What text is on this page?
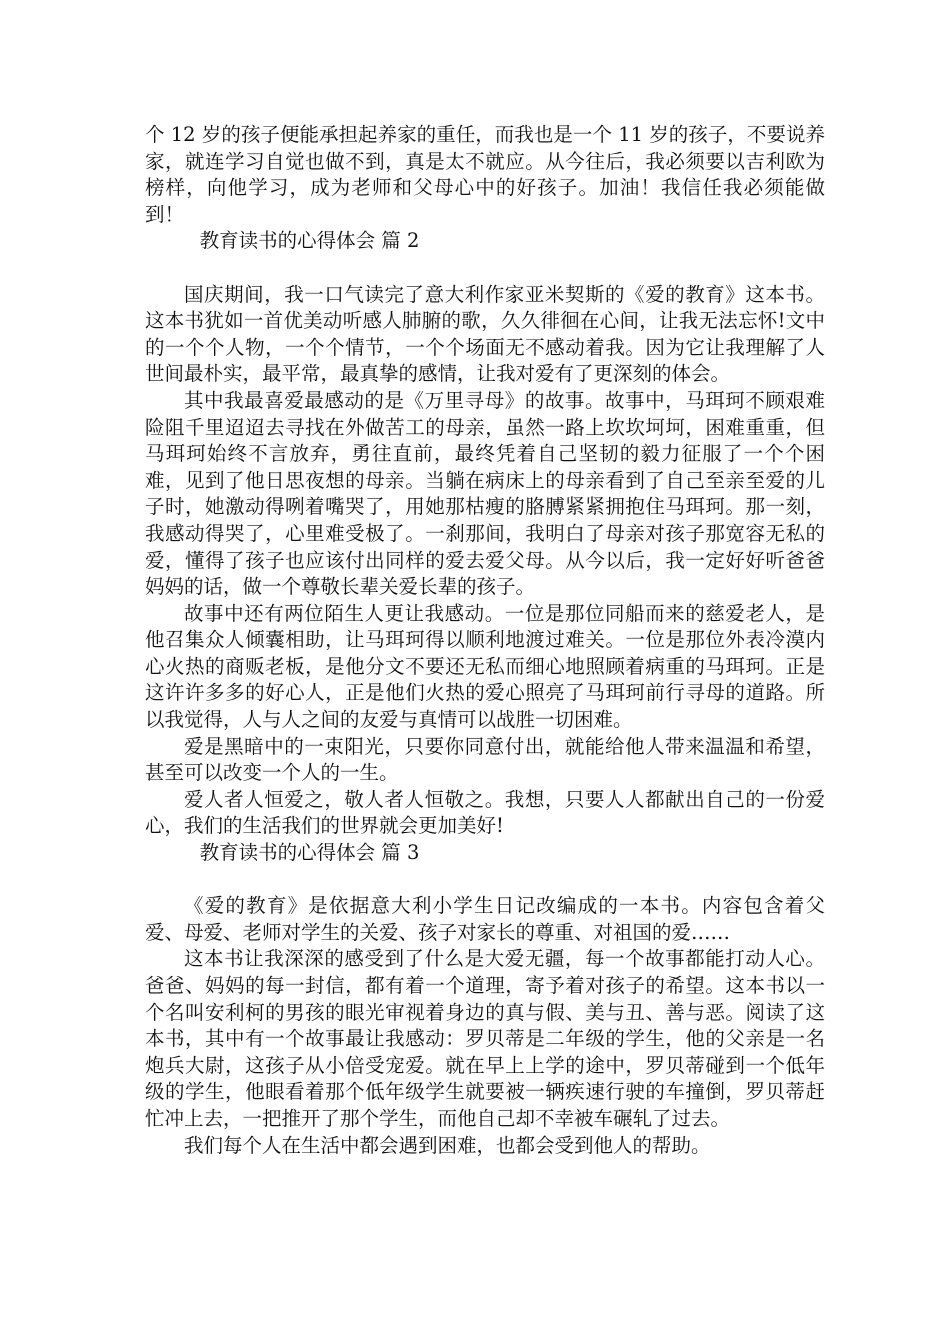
个 12 岁的孩子便能承担起养家的重任，而我也是一个 11 岁的孩子，不要说养家，就连学习自觉也做不到，真是太不就应。从今往后，我必须要以吉利欧为榜样，向他学习，成为老师和父母心中的好孩子。加油！我信任我必须能做到！

教育读书的心得体会 篇 2

国庆期间，我一口气读完了意大利作家亚米契斯的《爱的教育》这本书。这本书犹如一首优美动听感人肺腑的歌，久久徘徊在心间，让我无法忘怀!文中的一个个人物，一个个情节，一个个场面无不感动着我。因为它让我理解了人世间最朴实，最平常，最真挚的感情，让我对爱有了更深刻的体会。

其中我最喜爱最感动的是《万里寻母》的故事。故事中，马珥珂不顾艰难险阻千里迢迢去寻找在外做苦工的母亲，虽然一路上坎坎坷坷，困难重重，但马珥珂始终不言放弃，勇往直前，最终凭着自己坚韧的毅力征服了一个个困难，见到了他日思夜想的母亲。当躺在病床上的母亲看到了自己至亲至爱的儿子时，她激动得咧着嘴哭了，用她那枯瘦的胳膊紧紧拥抱住马珥珂。那一刻，我感动得哭了，心里难受极了。一刹那间，我明白了母亲对孩子那宽容无私的爱，懂得了孩子也应该付出同样的爱去爱父母。从今以后，我一定好好听爸爸妈妈的话，做一个尊敬长辈关爱长辈的孩子。

故事中还有两位陌生人更让我感动。一位是那位同船而来的慈爱老人，是他召集众人倾囊相助，让马珥珂得以顺利地渡过难关。一位是那位外表冷漠内心火热的商贩老板，是他分文不要还无私而细心地照顾着病重的马珥珂。正是这许许多多的好心人，正是他们火热的爱心照亮了马珥珂前行寻母的道路。所以我觉得，人与人之间的友爱与真情可以战胜一切困难。

爱是黑暗中的一束阳光，只要你同意付出，就能给他人带来温温和希望，甚至可以改变一个人的一生。

爱人者人恒爱之，敬人者人恒敬之。我想，只要人人都献出自己的一份爱心，我们的生活我们的世界就会更加美好!

教育读书的心得体会 篇 3

《爱的教育》是依据意大利小学生日记改编成的一本书。内容包含着父爱、母爱、老师对学生的关爱、孩子对家长的尊重、对祖国的爱……

这本书让我深深的感受到了什么是大爱无疆，每一个故事都能打动人心。爸爸、妈妈的每一封信，都有着一个道理，寄予着对孩子的希望。这本书以一个名叫安利柯的男孩的眼光审视着身边的真与假、美与丑、善与恶。阅读了这本书，其中有一个故事最让我感动：罗贝蒂是二年级的学生，他的父亲是一名炮兵大尉，这孩子从小倍受宠爱。就在早上上学的途中，罗贝蒂碰到一个低年级的学生，他眼看着那个低年级学生就要被一辆疾速行驶的车撞倒，罗贝蒂赶忙冲上去，一把推开了那个学生，而他自己却不幸被车碾轧了过去。

我们每个人在生活中都会遇到困难，也都会受到他人的帮助。
